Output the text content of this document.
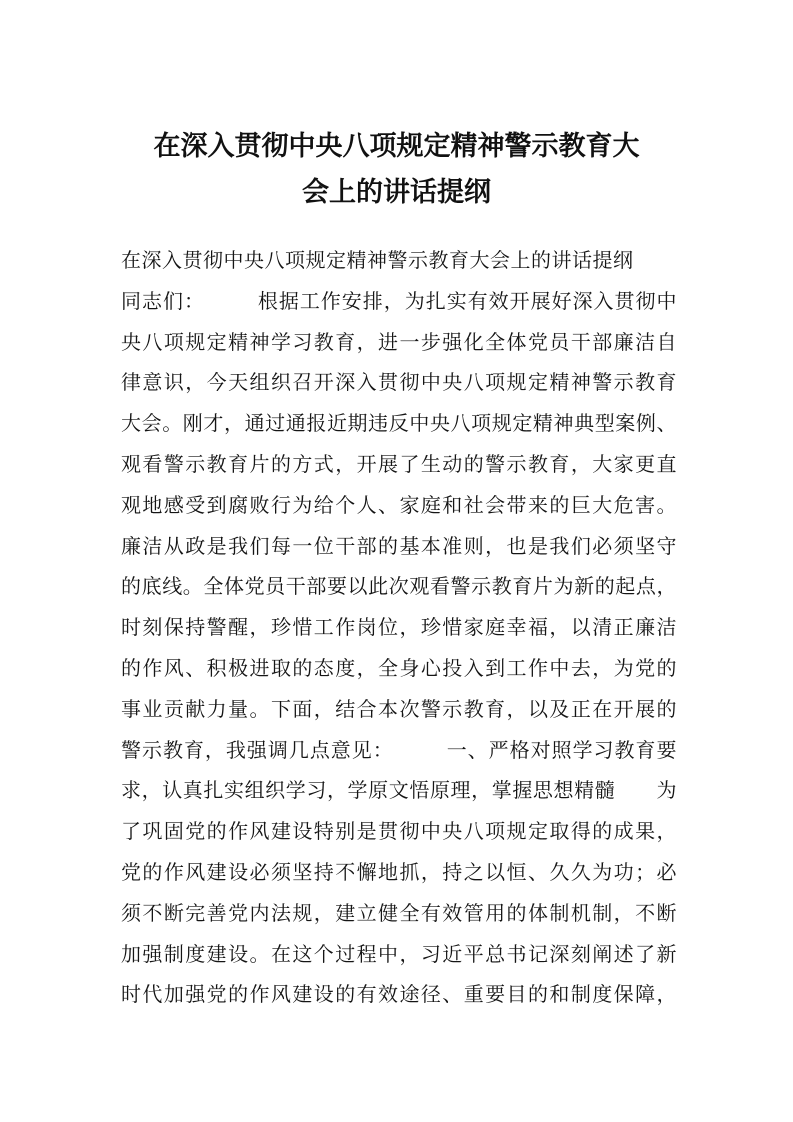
在深入贯彻中央八项规定精神警示教育大
会上的讲话提纲
在深入贯彻中央八项规定精神警示教育大会上的讲话提纲
同志们：　　　根据工作安排，为扎实有效开展好深入贯彻中
央八项规定精神学习教育，进一步强化全体党员干部廉洁自
律意识，今天组织召开深入贯彻中央八项规定精神警示教育
大会。刚才，通过通报近期违反中央八项规定精神典型案例、
观看警示教育片的方式，开展了生动的警示教育，大家更直
观地感受到腐败行为给个人、家庭和社会带来的巨大危害。
廉洁从政是我们每一位干部的基本准则，也是我们必须坚守
的底线。全体党员干部要以此次观看警示教育片为新的起点，
时刻保持警醒，珍惜工作岗位，珍惜家庭幸福，以清正廉洁
的作风、积极进取的态度，全身心投入到工作中去，为党的
事业贡献力量。下面，结合本次警示教育，以及正在开展的
警示教育，我强调几点意见：　　　一、严格对照学习教育要
求，认真扎实组织学习，学原文悟原理，掌握思想精髓　　为
了巩固党的作风建设特别是贯彻中央八项规定取得的成果，
党的作风建设必须坚持不懈地抓，持之以恒、久久为功；必
须不断完善党内法规，建立健全有效管用的体制机制，不断
加强制度建设。在这个过程中，习近平总书记深刻阐述了新
时代加强党的作风建设的有效途径、重要目的和制度保障，
